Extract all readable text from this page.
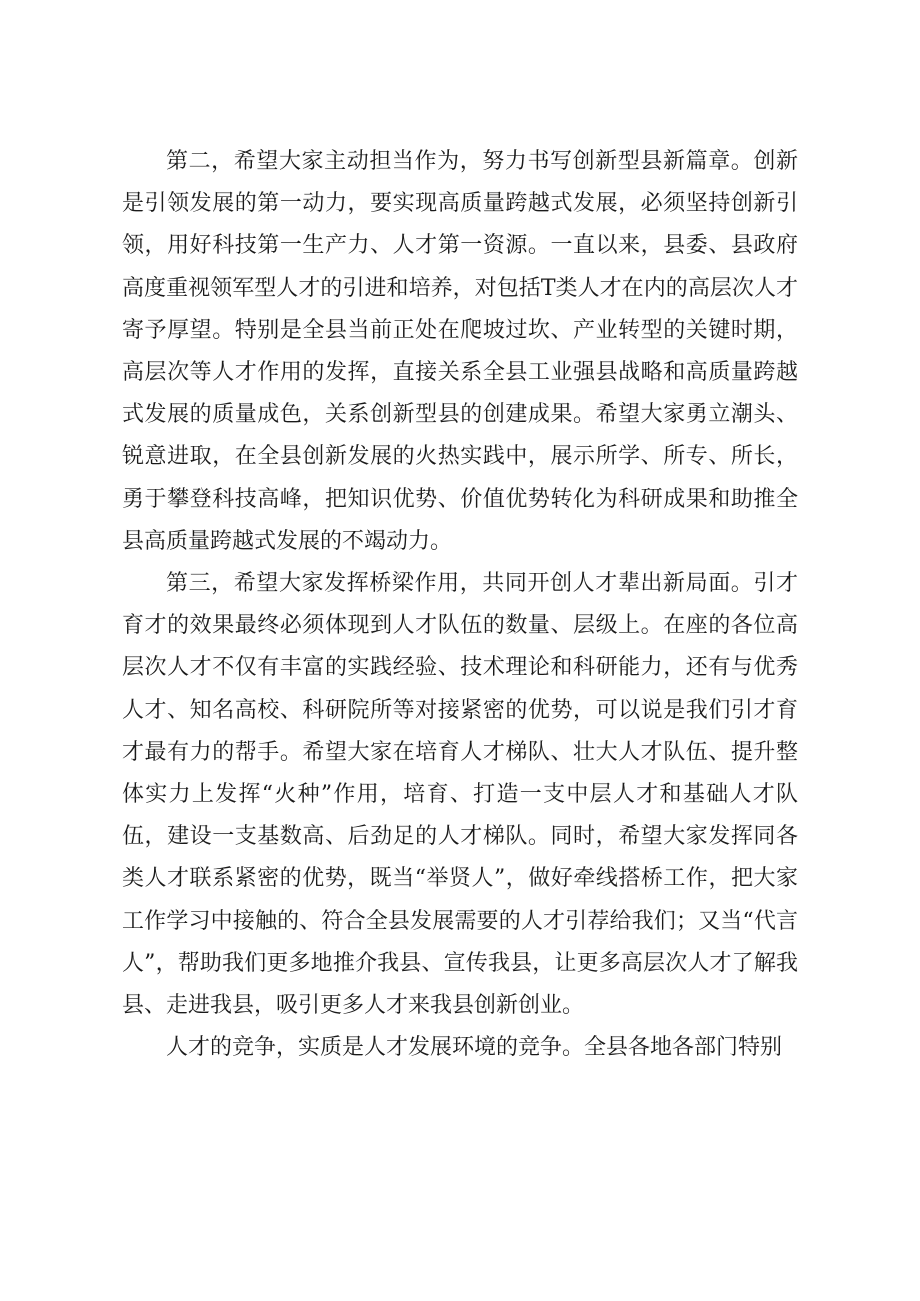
第二，希望大家主动担当作为，努力书写创新型县新篇章。创新是引领发展的第一动力，要实现高质量跨越式发展，必须坚持创新引领，用好科技第一生产力、人才第一资源。一直以来，县委、县政府高度重视领军型人才的引进和培养，对包括T类人才在内的高层次人才寄予厚望。特别是全县当前正处在爬坡过坎、产业转型的关键时期，高层次等人才作用的发挥，直接关系全县工业强县战略和高质量跨越式发展的质量成色，关系创新型县的创建成果。希望大家勇立潮头、锐意进取，在全县创新发展的火热实践中，展示所学、所专、所长，勇于攀登科技高峰，把知识优势、价值优势转化为科研成果和助推全县高质量跨越式发展的不竭动力。

第三，希望大家发挥桥梁作用，共同开创人才辈出新局面。引才育才的效果最终必须体现到人才队伍的数量、层级上。在座的各位高层次人才不仅有丰富的实践经验、技术理论和科研能力，还有与优秀人才、知名高校、科研院所等对接紧密的优势，可以说是我们引才育才最有力的帮手。希望大家在培育人才梯队、壮大人才队伍、提升整体实力上发挥“火种”作用，培育、打造一支中层人才和基础人才队伍，建设一支基数高、后劲足的人才梯队。同时，希望大家发挥同各类人才联系紧密的优势，既当“举贤人”，做好牵线搭桥工作，把大家工作学习中接触的、符合全县发展需要的人才引荐给我们；又当“代言人”，帮助我们更多地推介我县、宣传我县，让更多高层次人才了解我县、走进我县，吸引更多人才来我县创新创业。

人才的竞争，实质是人才发展环境的竞争。全县各地各部门特别
